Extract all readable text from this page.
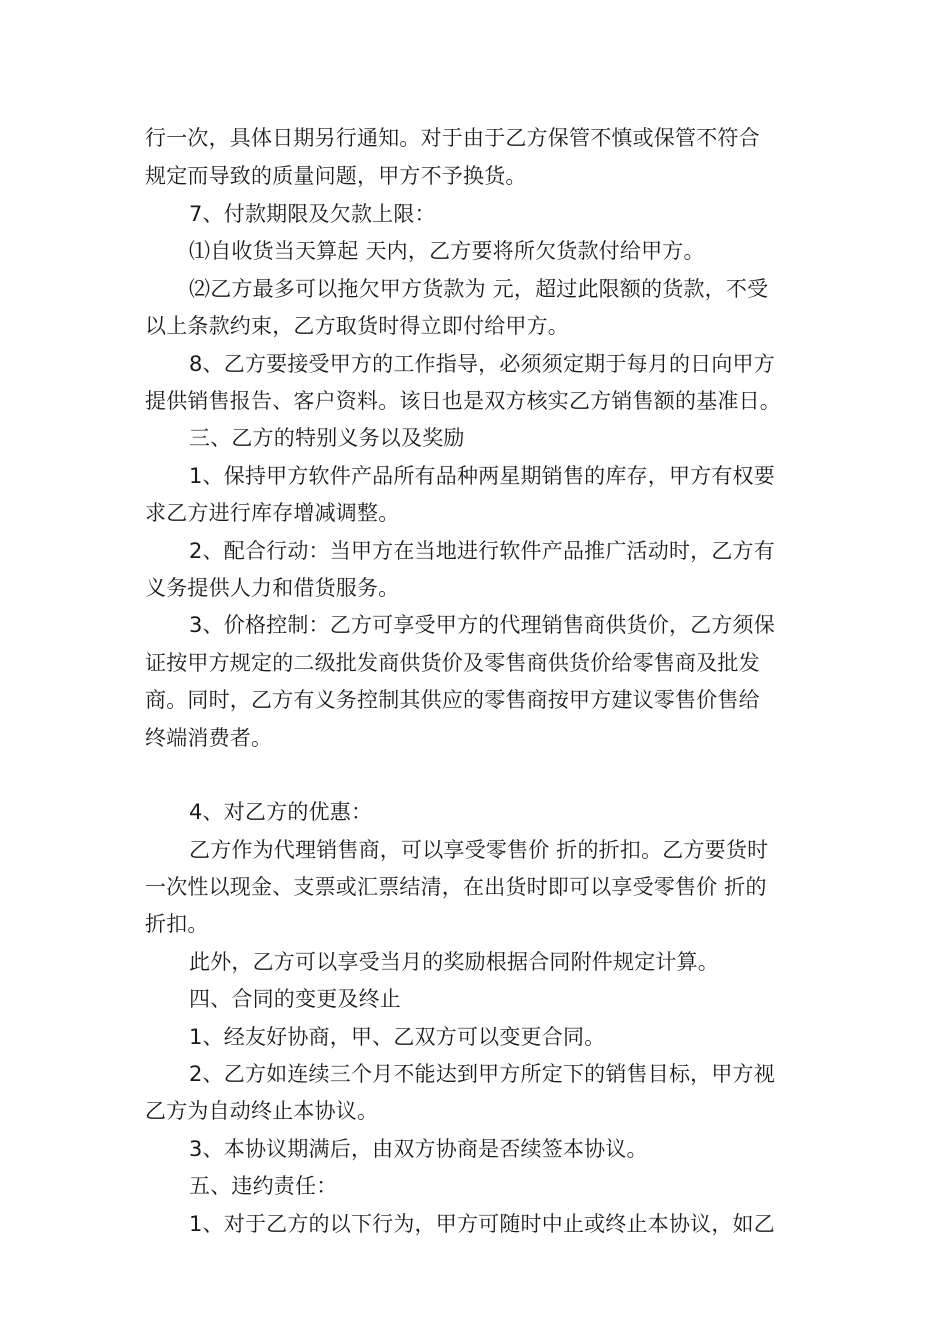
行一次，具体日期另行通知。对于由于乙方保管不慎或保管不符合
规定而导致的质量问题，甲方不予换货。
7、付款期限及欠款上限：
⑴自收货当天算起 天内，乙方要将所欠货款付给甲方。
⑵乙方最多可以拖欠甲方货款为 元，超过此限额的货款，不受
以上条款约束，乙方取货时得立即付给甲方。
8、乙方要接受甲方的工作指导，必须须定期于每月的日向甲方
提供销售报告、客户资料。该日也是双方核实乙方销售额的基准日。
三、乙方的特别义务以及奖励
1、保持甲方软件产品所有品种两星期销售的库存，甲方有权要
求乙方进行库存增减调整。
2、配合行动：当甲方在当地进行软件产品推广活动时，乙方有
义务提供人力和借货服务。
3、价格控制：乙方可享受甲方的代理销售商供货价，乙方须保
证按甲方规定的二级批发商供货价及零售商供货价给零售商及批发
商。同时，乙方有义务控制其供应的零售商按甲方建议零售价售给
终端消费者。
4、对乙方的优惠：
乙方作为代理销售商，可以享受零售价 折的折扣。乙方要货时
一次性以现金、支票或汇票结清，在出货时即可以享受零售价 折的
折扣。
此外，乙方可以享受当月的奖励根据合同附件规定计算。
四、合同的变更及终止
1、经友好协商，甲、乙双方可以变更合同。
2、乙方如连续三个月不能达到甲方所定下的销售目标，甲方视
乙方为自动终止本协议。
3、本协议期满后，由双方协商是否续签本协议。
五、违约责任：
1、对于乙方的以下行为，甲方可随时中止或终止本协议，如乙
